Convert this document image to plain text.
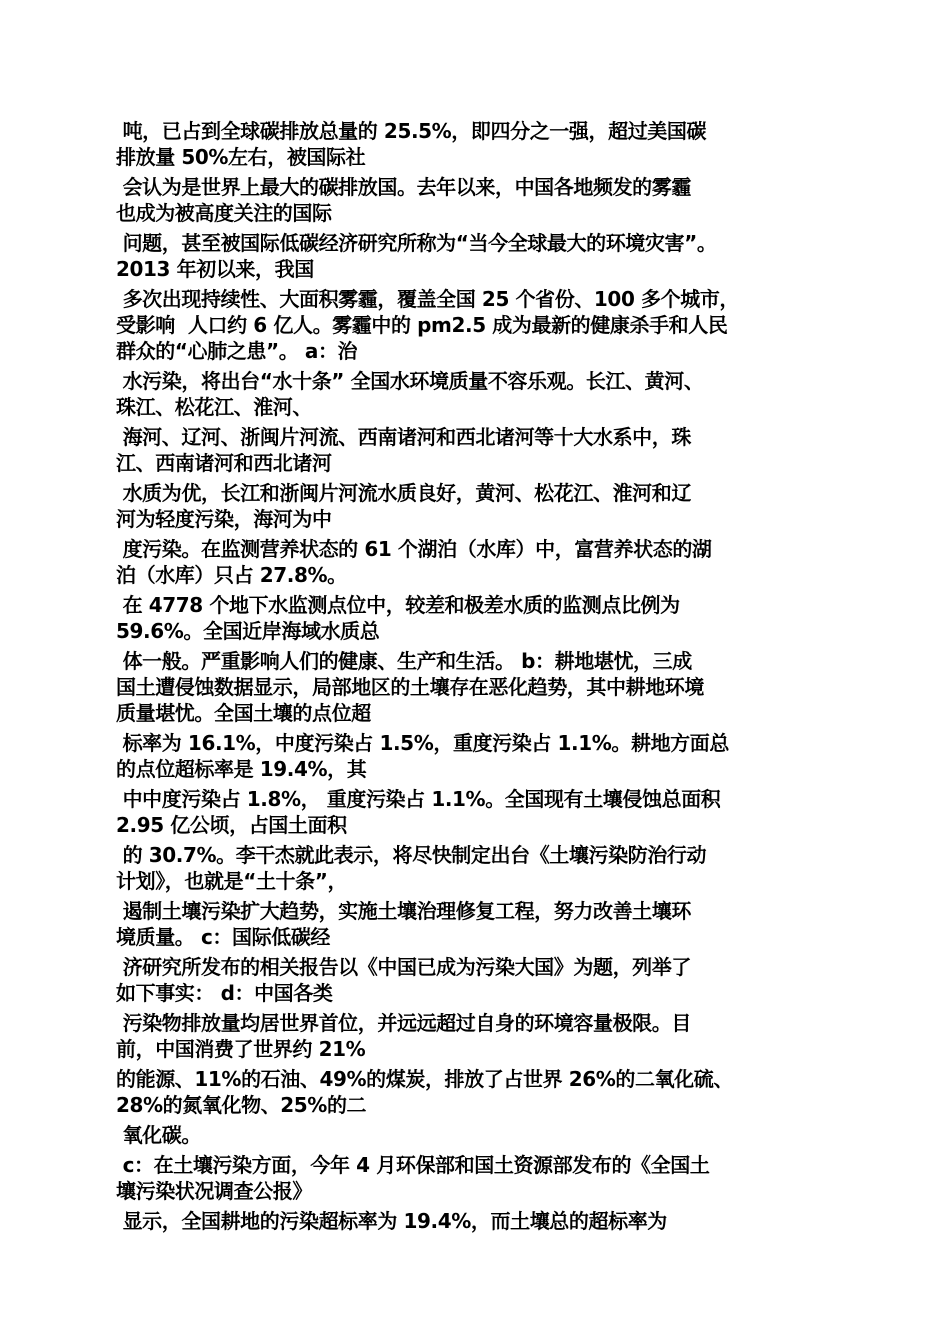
吨，已占到全球碳排放总量的 25.5%，即四分之一强，超过美国碳
排放量 50%左右，被国际社
会认为是世界上最大的碳排放国。去年以来，中国各地频发的雾霾
也成为被高度关注的国际
问题，甚至被国际低碳经济研究所称为“当今全球最大的环境灾害”。
2013 年初以来，我国
多次出现持续性、大面积雾霾，覆盖全国 25 个省份、100 多个城市，
受影响  人口约 6 亿人。雾霾中的 pm2.5 成为最新的健康杀手和人民
群众的“心肺之患”。 a：治
水污染，将出台“水十条” 全国水环境质量不容乐观。长江、黄河、
珠江、松花江、淮河、
海河、辽河、浙闽片河流、西南诸河和西北诸河等十大水系中，珠
江、西南诸河和西北诸河
水质为优，长江和浙闽片河流水质良好，黄河、松花江、淮河和辽
河为轻度污染，海河为中
度污染。在监测营养状态的 61 个湖泊（水库）中，富营养状态的湖
泊（水库）只占 27.8%。
在 4778 个地下水监测点位中，较差和极差水质的监测点比例为
59.6%。全国近岸海域水质总
体一般。严重影响人们的健康、生产和生活。 b：耕地堪忧，三成
国土遭侵蚀数据显示，局部地区的土壤存在恶化趋势，其中耕地环境
质量堪忧。全国土壤的点位超
标率为 16.1%，中度污染占 1.5%，重度污染占 1.1%。耕地方面总
的点位超标率是 19.4%，其
中中度污染占 1.8%， 重度污染占 1.1%。全国现有土壤侵蚀总面积
2.95 亿公顷，占国土面积
的 30.7%。李干杰就此表示，将尽快制定出台《土壤污染防治行动
计划》，也就是“土十条”，
遏制土壤污染扩大趋势，实施土壤治理修复工程，努力改善土壤环
境质量。 c：国际低碳经
济研究所发布的相关报告以《中国已成为污染大国》为题，列举了
如下事实： d：中国各类
污染物排放量均居世界首位，并远远超过自身的环境容量极限。目
前，中国消费了世界约 21%
的能源、11%的石油、49%的煤炭，排放了占世界 26%的二氧化硫、
28%的氮氧化物、25%的二
氧化碳。
c：在土壤污染方面，今年 4 月环保部和国土资源部发布的《全国土
壤污染状况调查公报》
显示，全国耕地的污染超标率为 19.4%，而土壤总的超标率为
